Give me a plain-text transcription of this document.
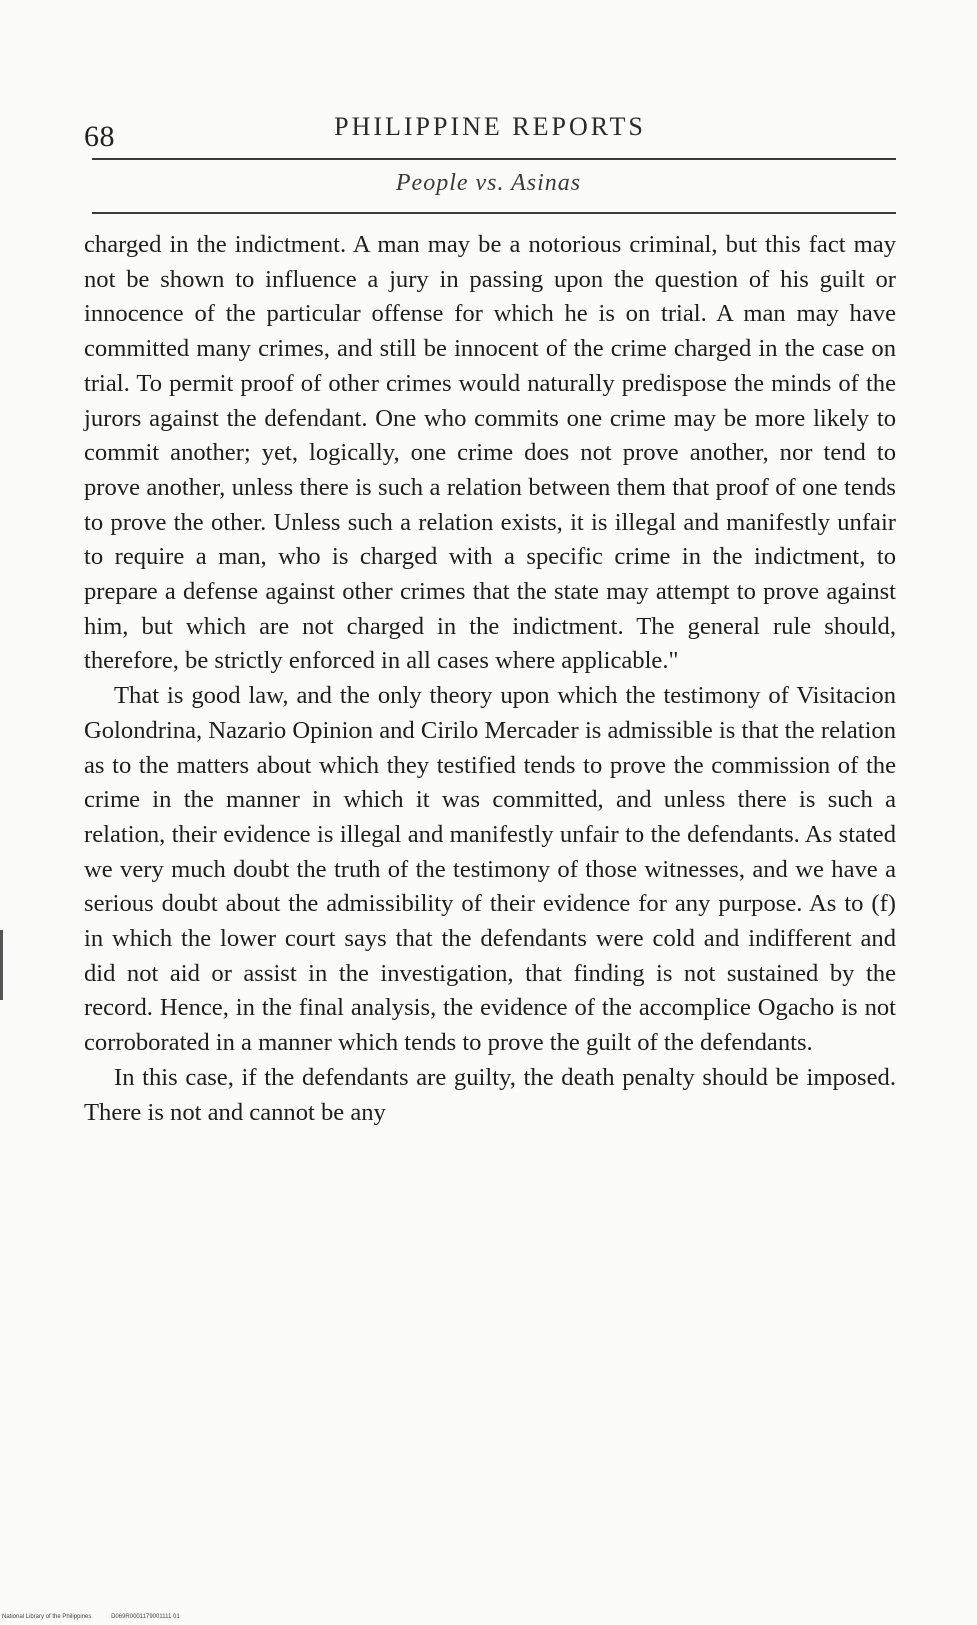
68	PHILIPPINE REPORTS
People vs. Asinas

charged in the indictment. A man may be a notorious criminal, but this fact may not be shown to influence a jury in passing upon the question of his guilt or innocence of the particular offense for which he is on trial. A man may have committed many crimes, and still be innocent of the crime charged in the case on trial. To permit proof of other crimes would naturally predispose the minds of the jurors against the defendant. One who commits one crime may be more likely to commit another; yet, logically, one crime does not prove another, nor tend to prove another, unless there is such a relation between them that proof of one tends to prove the other. Unless such a relation exists, it is illegal and manifestly unfair to require a man, who is charged with a specific crime in the indictment, to prepare a defense against other crimes that the state may attempt to prove against him, but which are not charged in the indictment. The general rule should, therefore, be strictly enforced in all cases where applicable."

That is good law, and the only theory upon which the testimony of Visitacion Golondrina, Nazario Opinion and Cirilo Mercader is admissible is that the relation as to the matters about which they testified tends to prove the commission of the crime in the manner in which it was committed, and unless there is such a relation, their evidence is illegal and manifestly unfair to the defendants. As stated we very much doubt the truth of the testimony of those witnesses, and we have a serious doubt about the admissibility of their evidence for any purpose. As to (f) in which the lower court says that the defendants were cold and indifferent and did not aid or assist in the investigation, that finding is not sustained by the record. Hence, in the final analysis, the evidence of the accomplice Ogacho is not corroborated in a manner which tends to prove the guilt of the defendants.

In this case, if the defendants are guilty, the death penalty should be imposed. There is not and cannot be any

National Library of the Philippines	D069R0001179001111 01
